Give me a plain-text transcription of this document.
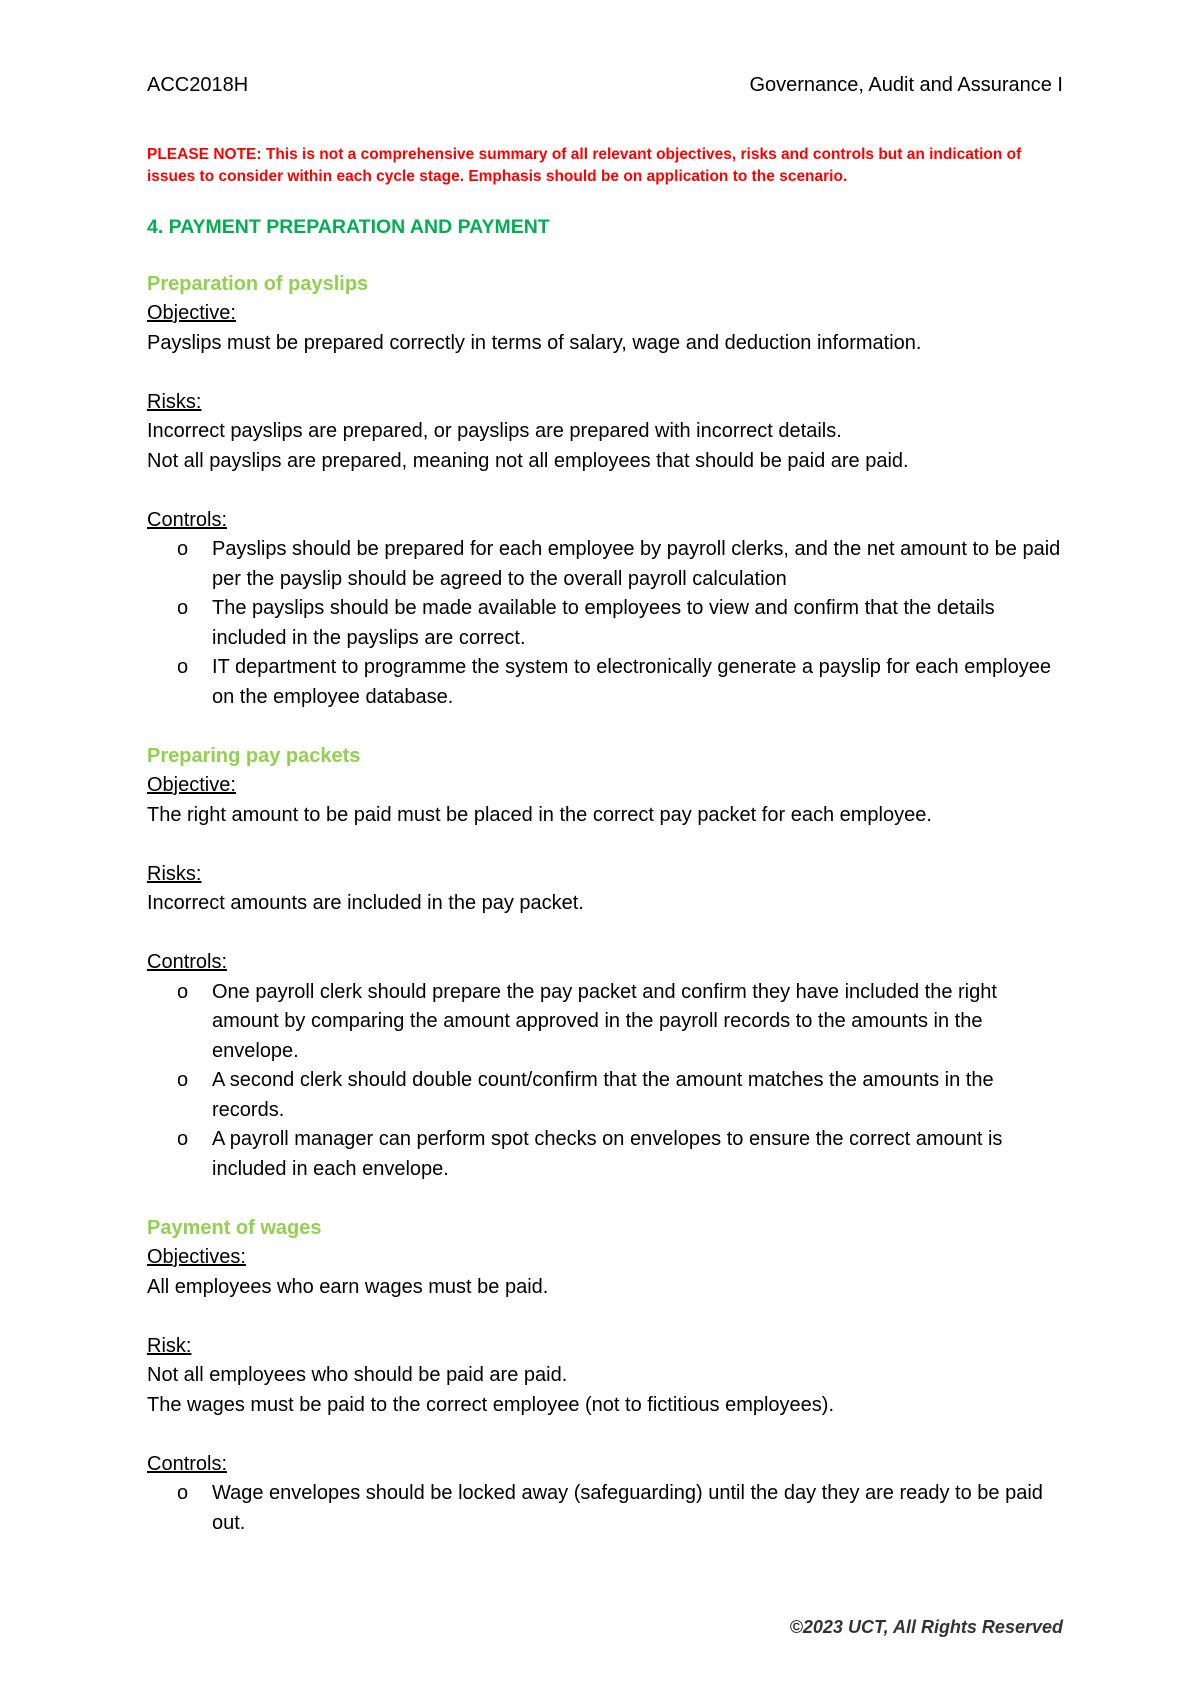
ACC2018H	Governance, Audit and Assurance I
PLEASE NOTE: This is not a comprehensive summary of all relevant objectives, risks and controls but an indication of issues to consider within each cycle stage. Emphasis should be on application to the scenario.
4. PAYMENT PREPARATION AND PAYMENT
Preparation of payslips
Objective:
Payslips must be prepared correctly in terms of salary, wage and deduction information.
Risks:
Incorrect payslips are prepared, or payslips are prepared with incorrect details.
Not all payslips are prepared, meaning not all employees that should be paid are paid.
Controls:
o	Payslips should be prepared for each employee by payroll clerks, and the net amount to be paid per the payslip should be agreed to the overall payroll calculation
o	The payslips should be made available to employees to view and confirm that the details included in the payslips are correct.
o	IT department to programme the system to electronically generate a payslip for each employee on the employee database.
Preparing pay packets
Objective:
The right amount to be paid must be placed in the correct pay packet for each employee.
Risks:
Incorrect amounts are included in the pay packet.
Controls:
o	One payroll clerk should prepare the pay packet and confirm they have included the right amount by comparing the amount approved in the payroll records to the amounts in the envelope.
o	A second clerk should double count/confirm that the amount matches the amounts in the records.
o	A payroll manager can perform spot checks on envelopes to ensure the correct amount is included in each envelope.
Payment of wages
Objectives:
All employees who earn wages must be paid.
Risk:
Not all employees who should be paid are paid.
The wages must be paid to the correct employee (not to fictitious employees).
Controls:
o	Wage envelopes should be locked away (safeguarding) until the day they are ready to be paid out.
©2023 UCT, All Rights Reserved
